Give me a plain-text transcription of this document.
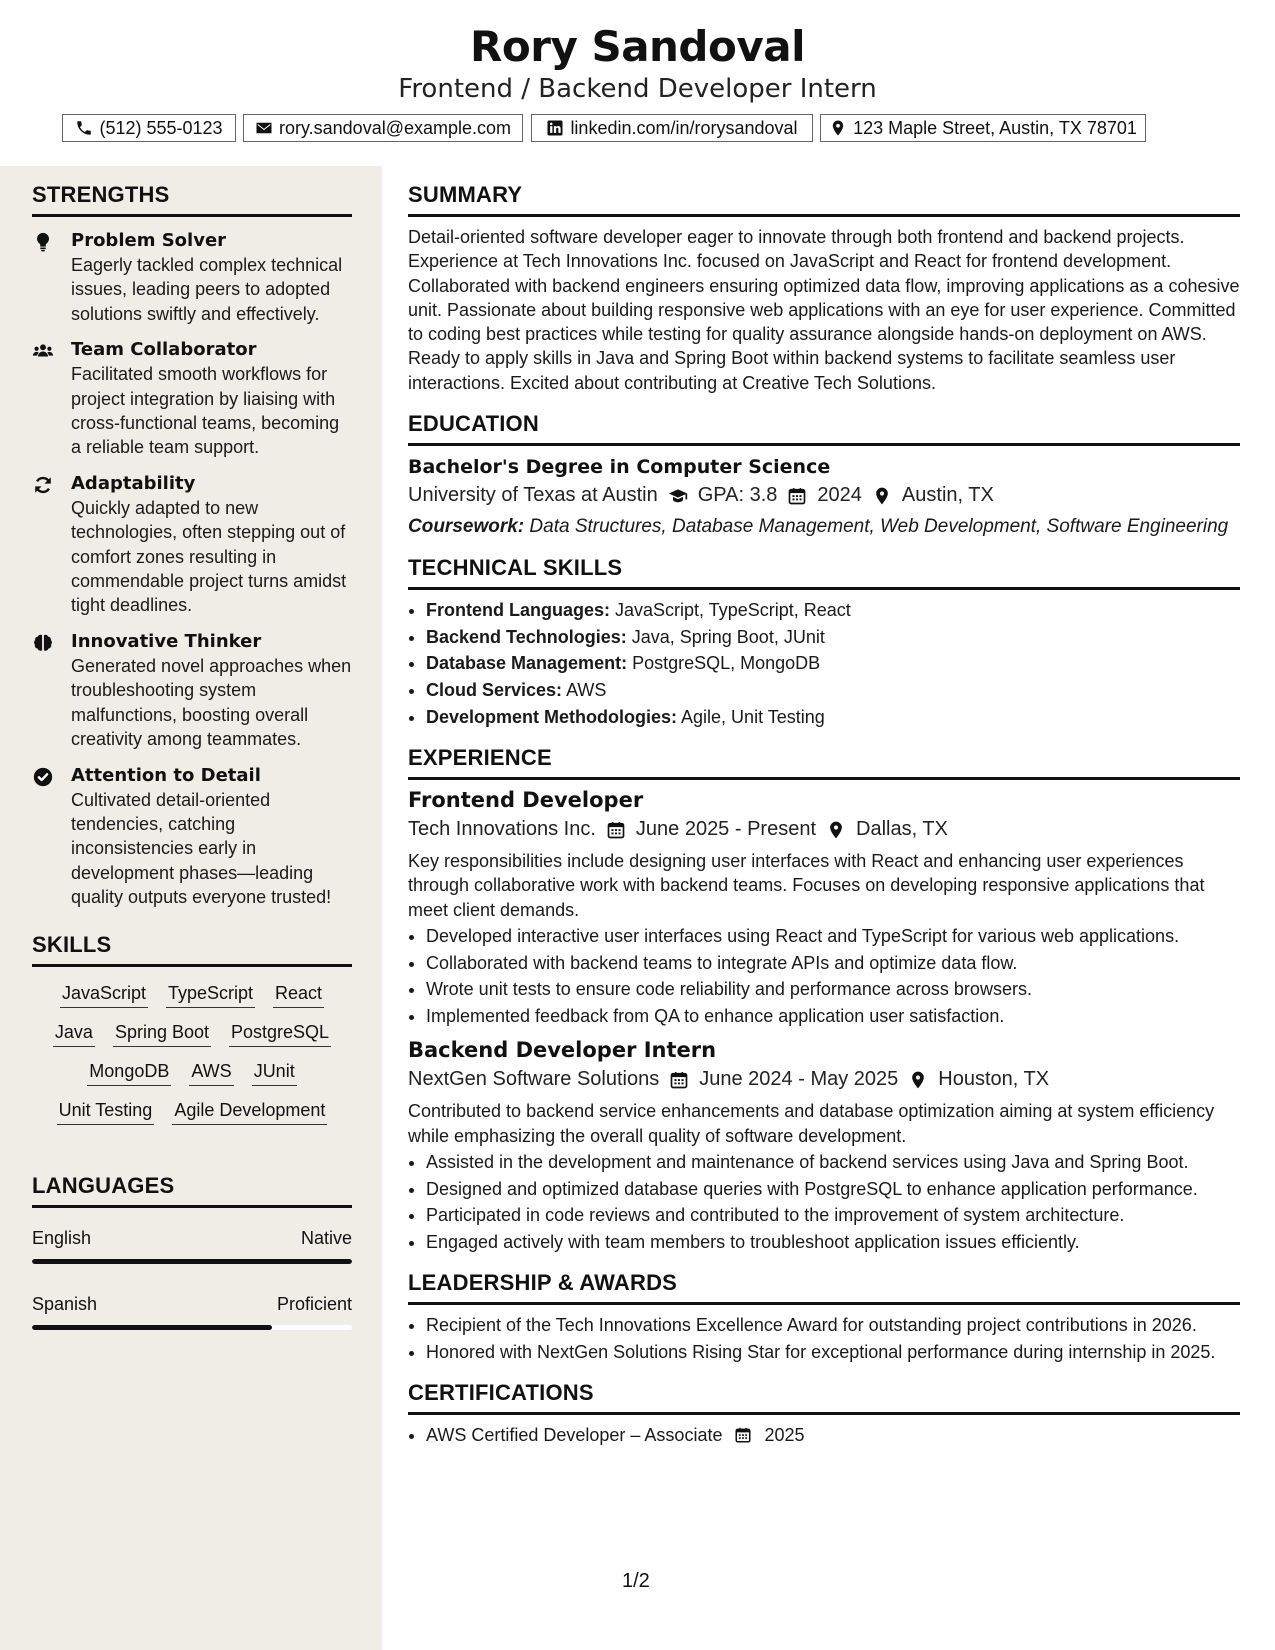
Rory Sandoval
Frontend / Backend Developer Intern
(512) 555-0123	rory.sandoval@example.com	linkedin.com/in/rorysandoval	123 Maple Street, Austin, TX 78701
STRENGTHS
Problem Solver
Eagerly tackled complex technical issues, leading peers to adopted solutions swiftly and effectively.
Team Collaborator
Facilitated smooth workflows for project integration by liaising with cross-functional teams, becoming a reliable team support.
Adaptability
Quickly adapted to new technologies, often stepping out of comfort zones resulting in commendable project turns amidst tight deadlines.
Innovative Thinker
Generated novel approaches when troubleshooting system malfunctions, boosting overall creativity among teammates.
Attention to Detail
Cultivated detail-oriented tendencies, catching inconsistencies early in development phases—leading quality outputs everyone trusted!
SKILLS
JavaScript TypeScript React
Java Spring Boot PostgreSQL
MongoDB AWS JUnit
Unit Testing Agile Development
LANGUAGES
English	Native
Spanish	Proficient
SUMMARY
Detail-oriented software developer eager to innovate through both frontend and backend projects. Experience at Tech Innovations Inc. focused on JavaScript and React for frontend development. Collaborated with backend engineers ensuring optimized data flow, improving applications as a cohesive unit. Passionate about building responsive web applications with an eye for user experience. Committed to coding best practices while testing for quality assurance alongside hands-on deployment on AWS. Ready to apply skills in Java and Spring Boot within backend systems to facilitate seamless user interactions. Excited about contributing at Creative Tech Solutions.
EDUCATION
Bachelor's Degree in Computer Science
University of Texas at Austin GPA: 3.8 2024 Austin, TX
Coursework: Data Structures, Database Management, Web Development, Software Engineering
TECHNICAL SKILLS
• Frontend Languages: JavaScript, TypeScript, React
• Backend Technologies: Java, Spring Boot, JUnit
• Database Management: PostgreSQL, MongoDB
• Cloud Services: AWS
• Development Methodologies: Agile, Unit Testing
EXPERIENCE
Frontend Developer
Tech Innovations Inc. June 2025 - Present Dallas, TX
Key responsibilities include designing user interfaces with React and enhancing user experiences through collaborative work with backend teams. Focuses on developing responsive applications that meet client demands.
• Developed interactive user interfaces using React and TypeScript for various web applications.
• Collaborated with backend teams to integrate APIs and optimize data flow.
• Wrote unit tests to ensure code reliability and performance across browsers.
• Implemented feedback from QA to enhance application user satisfaction.
Backend Developer Intern
NextGen Software Solutions June 2024 - May 2025 Houston, TX
Contributed to backend service enhancements and database optimization aiming at system efficiency while emphasizing the overall quality of software development.
• Assisted in the development and maintenance of backend services using Java and Spring Boot.
• Designed and optimized database queries with PostgreSQL to enhance application performance.
• Participated in code reviews and contributed to the improvement of system architecture.
• Engaged actively with team members to troubleshoot application issues efficiently.
LEADERSHIP & AWARDS
• Recipient of the Tech Innovations Excellence Award for outstanding project contributions in 2026.
• Honored with NextGen Solutions Rising Star for exceptional performance during internship in 2025.
CERTIFICATIONS
• AWS Certified Developer – Associate 2025
1/2
